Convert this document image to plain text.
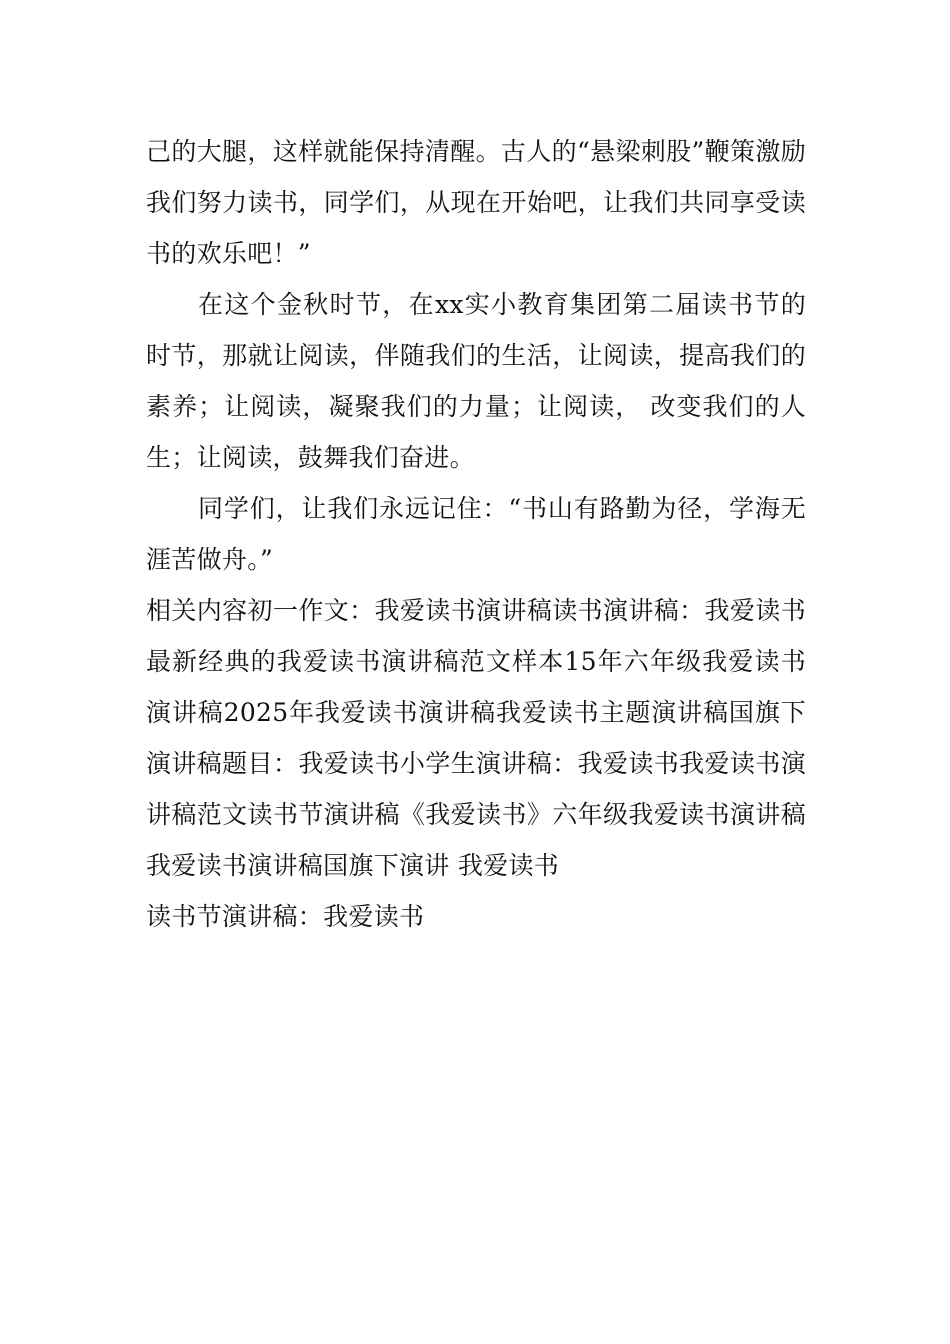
己的大腿，这样就能保持清醒。古人的“悬梁刺股”鞭策激励我们努力读书，同学们，从现在开始吧，让我们共同享受读书的欢乐吧！”

在这个金秋时节，在xx实小教育集团第二届读书节的时节，那就让阅读，伴随我们的生活，让阅读，提高我们的素养；让阅读，凝聚我们的力量；让阅读， 改变我们的人生；让阅读，鼓舞我们奋进。

同学们，让我们永远记住：“书山有路勤为径，学海无涯苦做舟。”

相关内容初一作文：我爱读书演讲稿读书演讲稿：我爱读书最新经典的我爱读书演讲稿范文样本15年六年级我爱读书演讲稿2025年我爱读书演讲稿我爱读书主题演讲稿国旗下演讲稿题目：我爱读书小学生演讲稿：我爱读书我爱读书演讲稿范文读书节演讲稿《我爱读书》六年级我爱读书演讲稿我爱读书演讲稿国旗下演讲 我爱读书

读书节演讲稿：我爱读书
